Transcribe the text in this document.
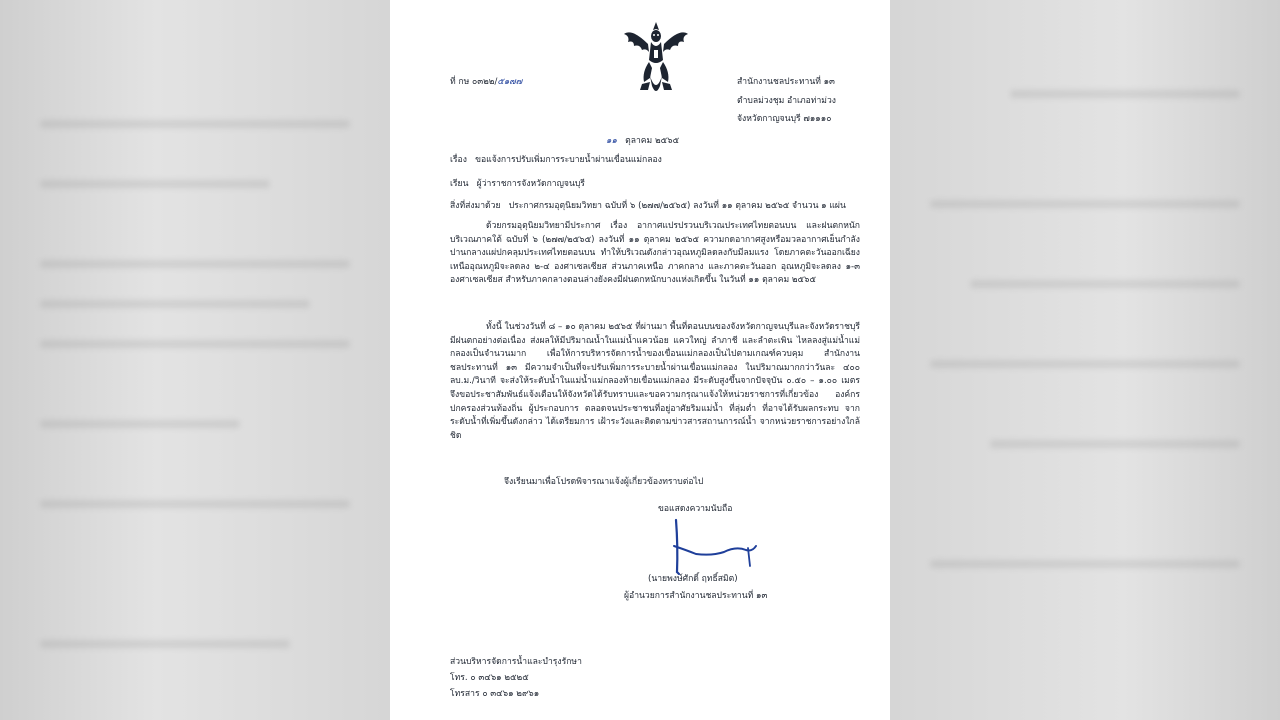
ที่ กษ ๐๓๒๒/๕๑๗๗	สำนักงานชลประทานที่ ๑๓
ตำบลม่วงชุม อำเภอท่าม่วง
จังหวัดกาญจนบุรี ๗๑๑๑๐
๑๑ ตุลาคม ๒๕๖๕
เรื่อง ขอแจ้งการปรับเพิ่มการระบายน้ำผ่านเขื่อนแม่กลอง
เรียน ผู้ว่าราชการจังหวัดกาญจนบุรี
สิ่งที่ส่งมาด้วย ประกาศกรมอุตุนิยมวิทยา ฉบับที่ ๖ (๒๗๗/๒๕๖๕) ลงวันที่ ๑๑ ตุลาคม ๒๕๖๕ จำนวน ๑ แผ่น

ด้วยกรมอุตุนิยมวิทยามีประกาศ เรื่อง อากาศแปรปรวนบริเวณประเทศไทยตอนบน และฝนตกหนักบริเวณภาคใต้ ฉบับที่ ๖ (๒๗๗/๒๕๖๕) ลงวันที่ ๑๑ ตุลาคม ๒๕๖๕ ความกดอากาศสูงหรือมวลอากาศเย็นกำลังปานกลางแผ่ปกคลุมประเทศไทยตอนบน ทำให้บริเวณดังกล่าวอุณหภูมิลดลงกับมีลมแรง โดยภาคตะวันออกเฉียงเหนืออุณหภูมิจะลดลง ๒-๔ องศาเซลเซียส ส่วนภาคเหนือ ภาคกลาง และภาคตะวันออก อุณหภูมิจะลดลง ๑-๓ องศาเซลเซียส สำหรับภาคกลางตอนล่างยังคงมีฝนตกหนักบางแห่งเกิดขึ้น ในวันที่ ๑๑ ตุลาคม ๒๕๖๕

ทั้งนี้ ในช่วงวันที่ ๘ – ๑๐ ตุลาคม ๒๕๖๕ ที่ผ่านมา พื้นที่ตอนบนของจังหวัดกาญจนบุรีและจังหวัดราชบุรี มีฝนตกอย่างต่อเนื่อง ส่งผลให้มีปริมาณน้ำในแม่น้ำแควน้อย แควใหญ่ ลำภาชี และลำตะเพิน ไหลลงสู่แม่น้ำแม่กลองเป็นจำนวนมาก เพื่อให้การบริหารจัดการน้ำของเขื่อนแม่กลองเป็นไปตามเกณฑ์ควบคุม สำนักงานชลประทานที่ ๑๓ มีความจำเป็นที่จะปรับเพิ่มการระบายน้ำผ่านเขื่อนแม่กลอง ในปริมาณมากกว่าวันละ ๔๐๐ ลบ.ม./วินาที จะส่งให้ระดับน้ำในแม่น้ำแม่กลองท้ายเขื่อนแม่กลอง มีระดับสูงขึ้นจากปัจจุบัน ๐.๕๐ – ๑.๐๐ เมตร จึงขอประชาสัมพันธ์แจ้งเตือนให้จังหวัดได้รับทราบและขอความกรุณาแจ้งให้หน่วยราชการที่เกี่ยวข้อง องค์กรปกครองส่วนท้องถิ่น ผู้ประกอบการ ตลอดจนประชาชนที่อยู่อาศัยริมแม่น้ำ ที่ลุ่มต่ำ ที่อาจได้รับผลกระทบ จากระดับน้ำที่เพิ่มขึ้นดังกล่าว ได้เตรียมการ เฝ้าระวังและติดตามข่าวสารสถานการณ์น้ำ จากหน่วยราชการอย่างใกล้ชิด

จึงเรียนมาเพื่อโปรดพิจารณาแจ้งผู้เกี่ยวข้องทราบต่อไป
ขอแสดงความนับถือ
(นายพงษ์ศักดิ์ ฤทธิ์สมิต)
ผู้อำนวยการสำนักงานชลประทานที่ ๑๓
ส่วนบริหารจัดการน้ำและบำรุงรักษา
โทร. ๐ ๓๔๖๑ ๒๕๒๕
โทรสาร ๐ ๓๔๖๑ ๒๙๖๑
